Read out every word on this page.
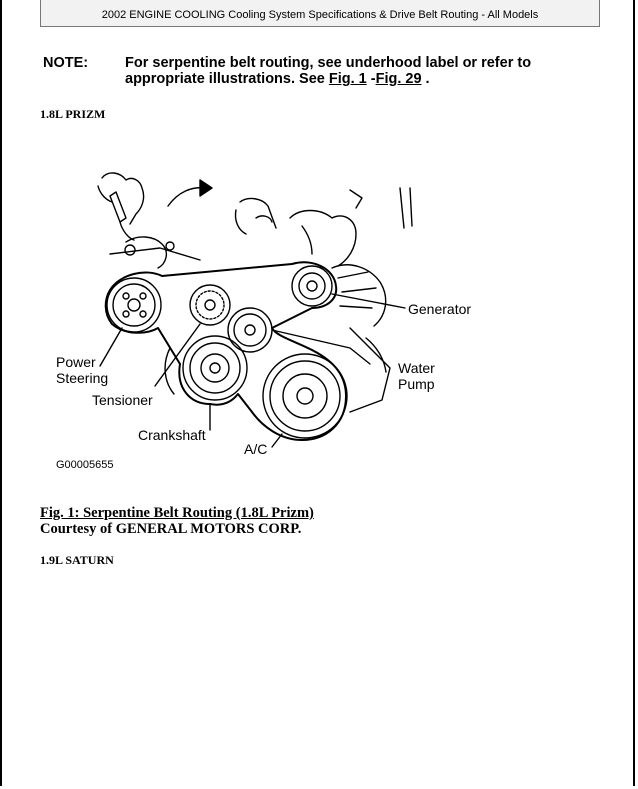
2002 ENGINE COOLING Cooling System Specifications & Drive Belt Routing - All Models
NOTE:	For serpentine belt routing, see underhood label or refer to appropriate illustrations. See Fig. 1 -Fig. 29 .
1.8L PRIZM
Generator
Power
Steering
Water
Pump
Tensioner
Crankshaft
A/C
G00005655
Fig. 1: Serpentine Belt Routing (1.8L Prizm)
Courtesy of GENERAL MOTORS CORP.
1.9L SATURN
